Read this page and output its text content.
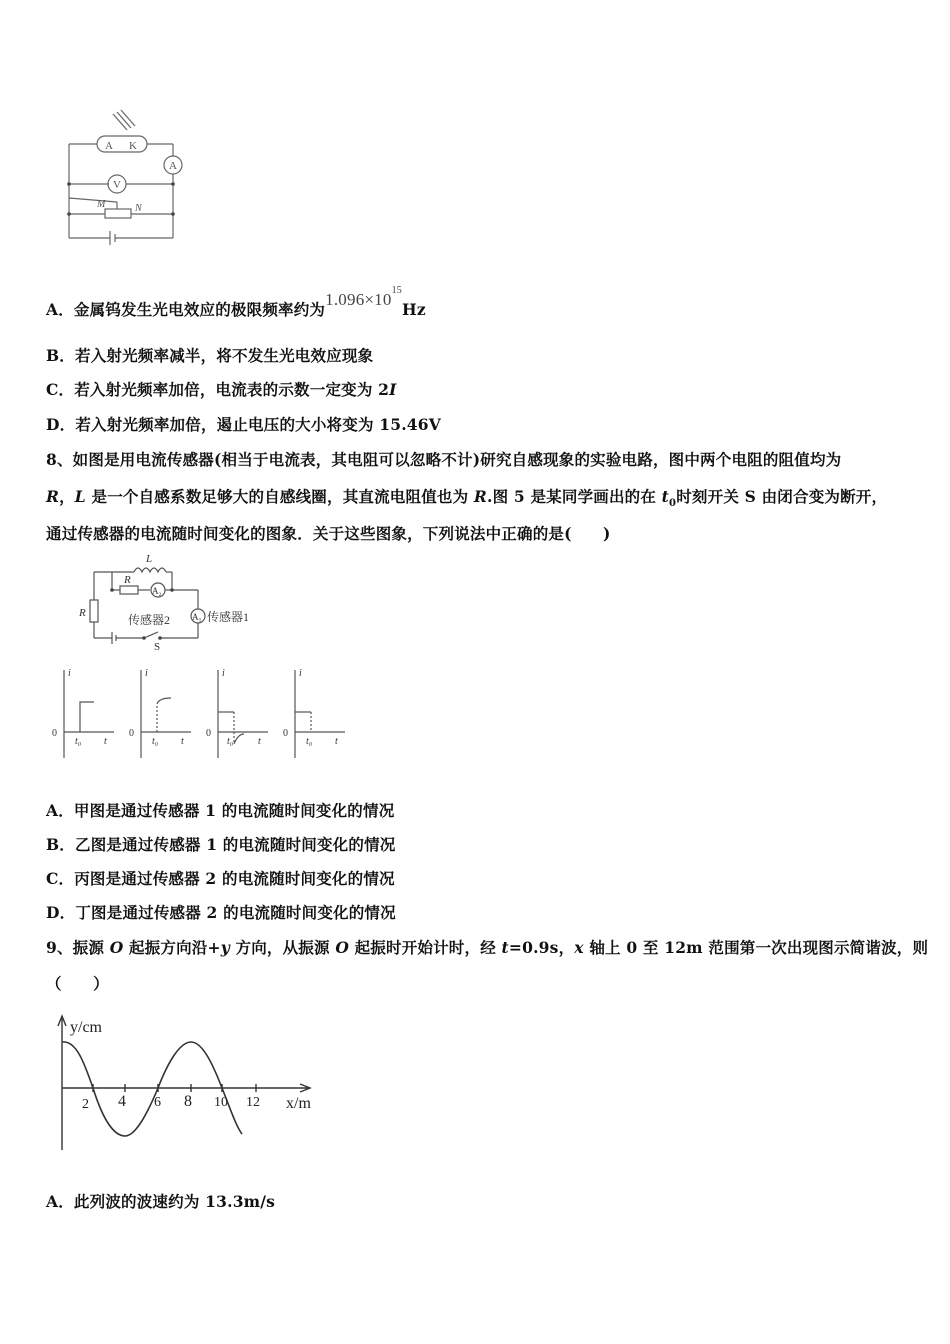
A K
A
V
M	N
A．金属钨发生光电效应的极限频率约为$1.096\times 10^{15}Hz$
B．若入射光频率减半，将不发生光电效应现象
C．若入射光频率加倍，电流表的示数一定变为 2I
D．若入射光频率加倍，遏止电压的大小将变为 15.46V
8、如图是用电流传感器(相当于电流表，其电阻可以忽略不计)研究自感现象的实验电路，图中两个电阻的阻值均为
R，L 是一个自感系数足够大的自感线圈，其直流电阻值也为 R.图 5 是某同学画出的在 $t_0$时刻开关 S 由闭合变为断开，
通过传感器的电流随时间变化的图象．关于这些图象，下列说法中正确的是(　　)
L
R
R
A₂
A₁
传感器2	传感器1
S
i
0
t₀ t
i
0
t₀ t
i
0
t₀ t
i
0
t₀ t
A．甲图是通过传感器 1 的电流随时间变化的情况
B．乙图是通过传感器 1 的电流随时间变化的情况
C．丙图是通过传感器 2 的电流随时间变化的情况
D．丁图是通过传感器 2 的电流随时间变化的情况
9、振源 O 起振方向沿+y 方向，从振源 O 起振时开始计时，经 t=0.9s，x 轴上 0 至 12m 范围第一次出现图示简谐波，则
（　　）
y/cm
x/m
2 4 6 8 10 12
A．此列波的波速约为 13.3m/s
